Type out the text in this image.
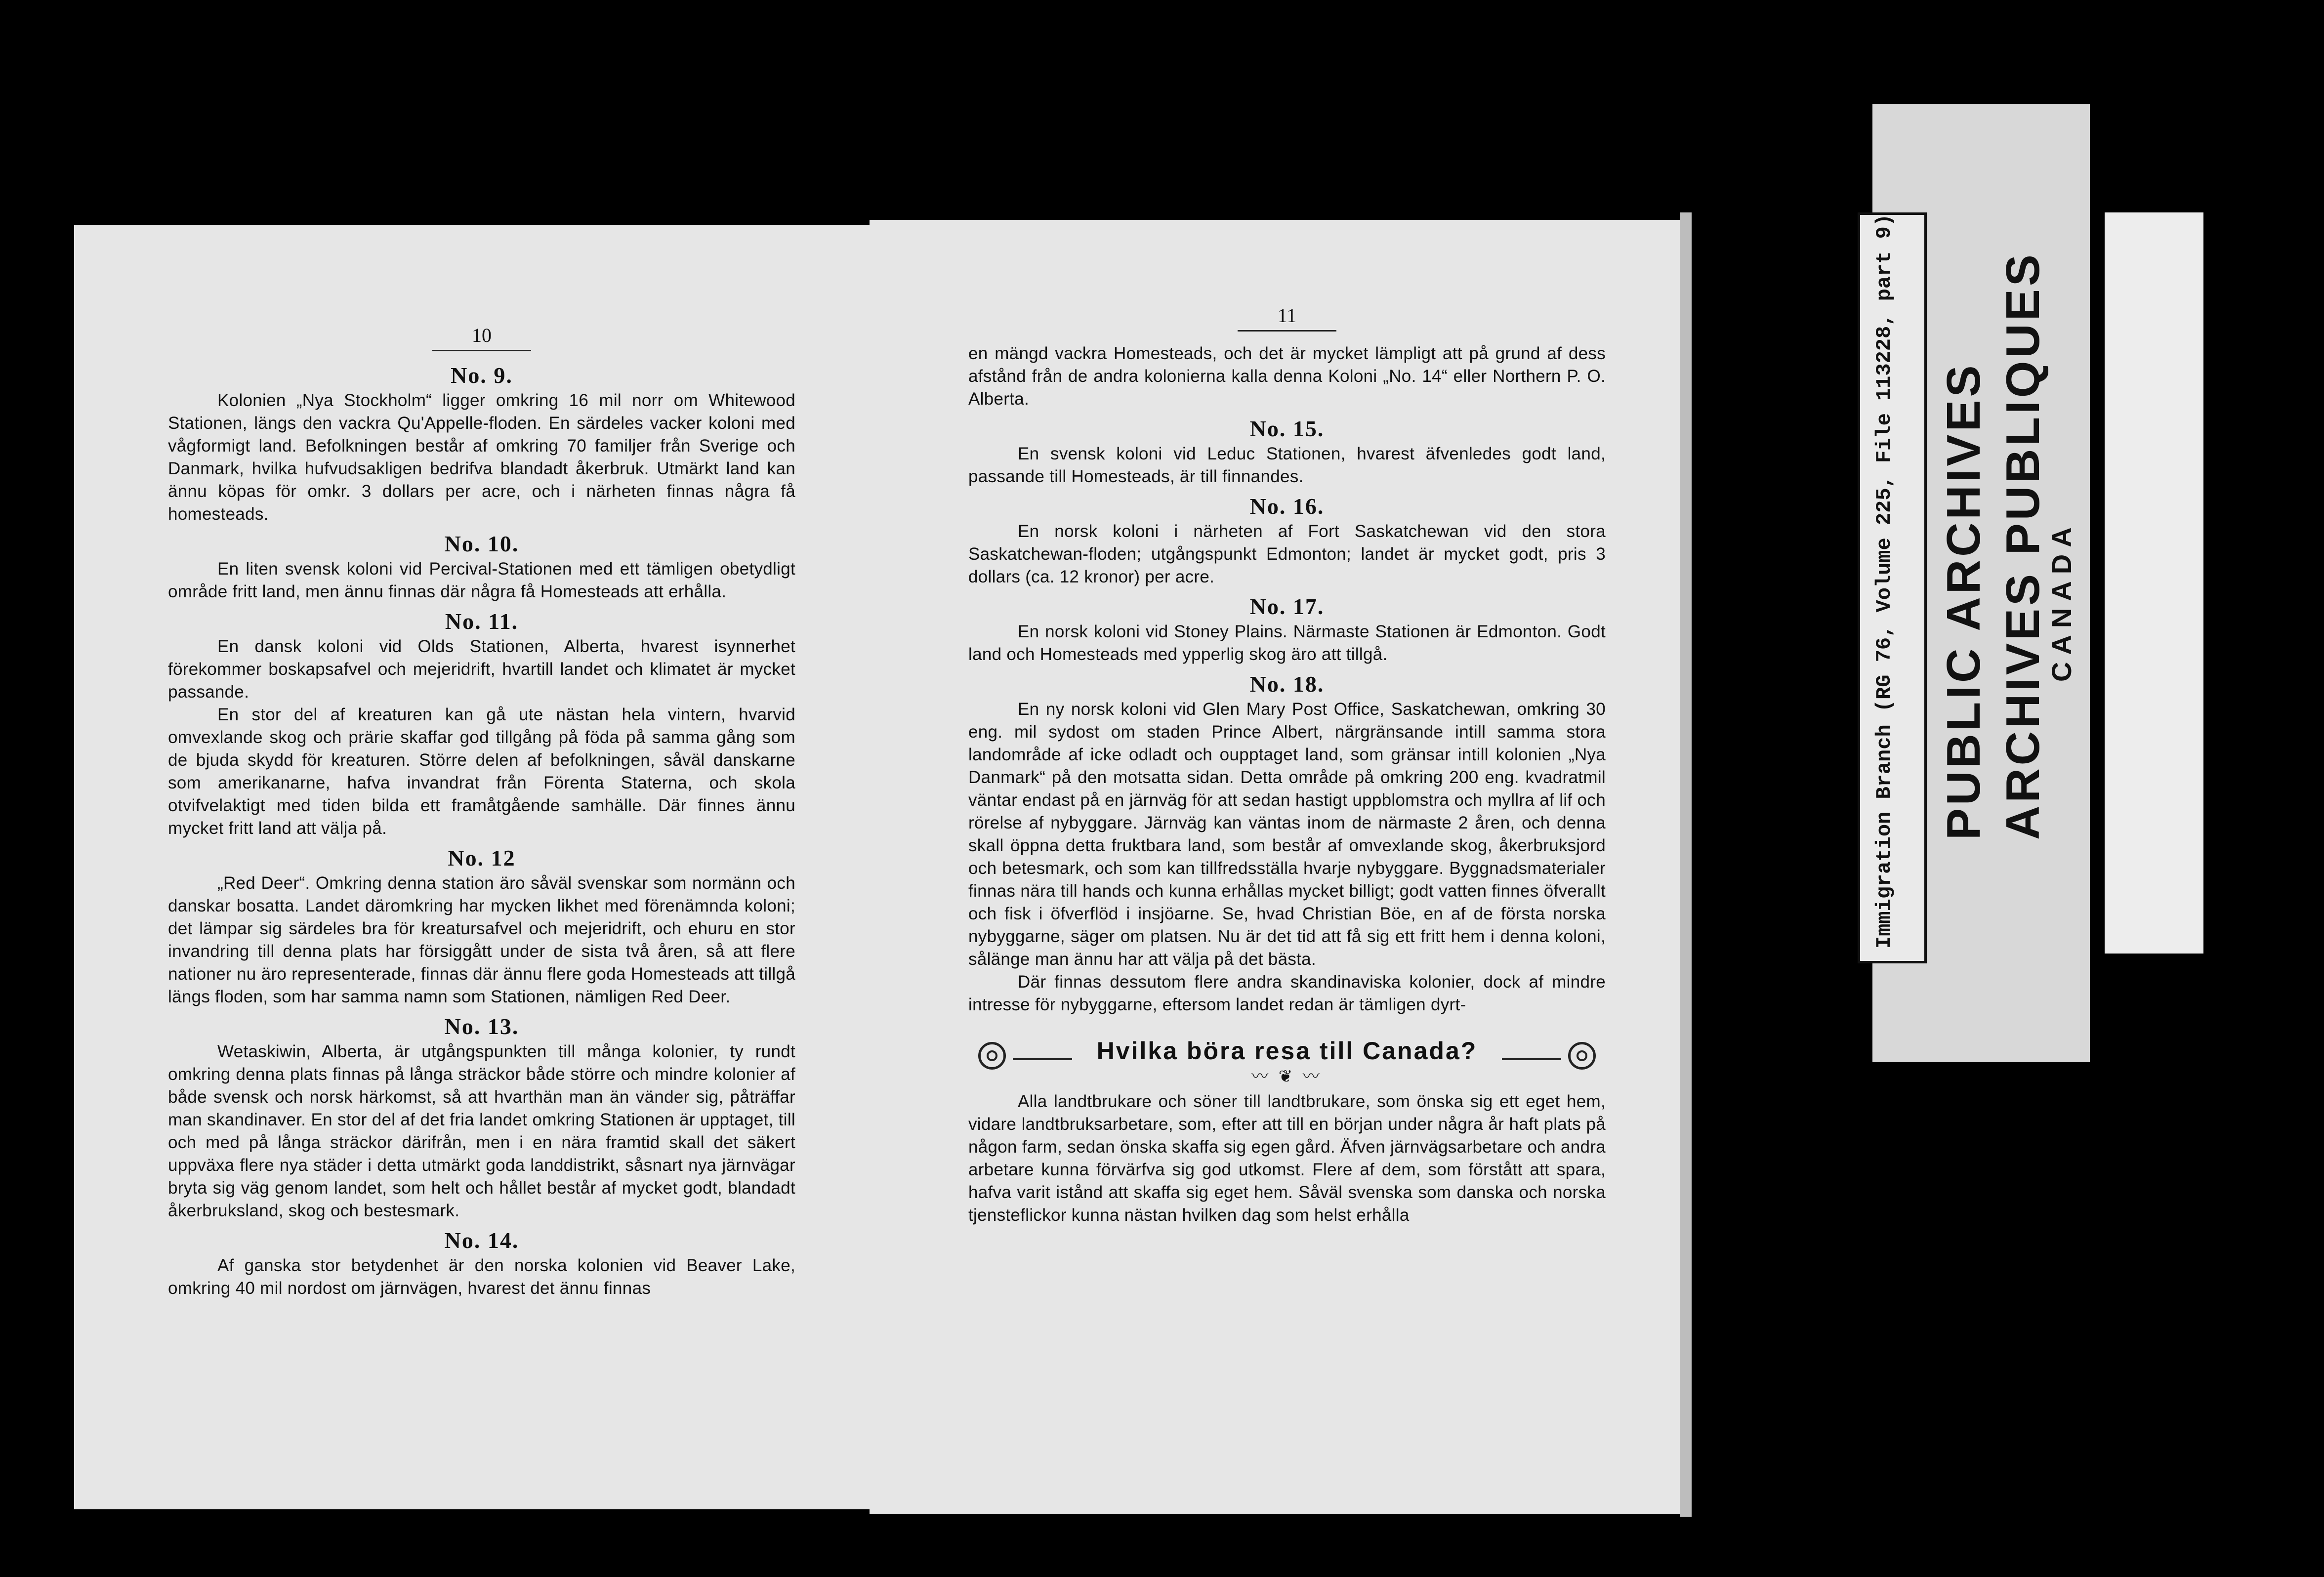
10
No. 9.

Kolonien „Nya Stockholm“ ligger omkring 16 mil norr om Whitewood Stationen, längs den vackra Qu'Appelle-floden. En särdeles vacker koloni med vågformigt land. Befolkningen består af omkring 70 familjer från Sverige och Danmark, hvilka hufvudsakligen bedrifva blandadt åkerbruk. Utmärkt land kan ännu köpas för omkr. 3 dollars per acre, och i närheten finnas några få homesteads.

No. 10.

En liten svensk koloni vid Percival-Stationen med ett tämligen obetydligt område fritt land, men ännu finnas där några få Homesteads att erhålla.

No. 11.

En dansk koloni vid Olds Stationen, Alberta, hvarest isynnerhet förekommer boskapsafvel och mejeridrift, hvartill landet och klimatet är mycket passande.

En stor del af kreaturen kan gå ute nästan hela vintern, hvarvid omvexlande skog och prärie skaffar god tillgång på föda på samma gång som de bjuda skydd för kreaturen. Större delen af befolkningen, såväl danskarne som amerikanarne, hafva invandrat från Förenta Staterna, och skola otvifvelaktigt med tiden bilda ett framåtgående samhälle. Där finnes ännu mycket fritt land att välja på.

No. 12

„Red Deer“. Omkring denna station äro såväl svenskar som normänn och danskar bosatta. Landet däromkring har mycken likhet med förenämnda koloni; det lämpar sig särdeles bra för kreatursafvel och mejeridrift, och ehuru en stor invandring till denna plats har försiggått under de sista två åren, så att flere nationer nu äro representerade, finnas där ännu flere goda Homesteads att tillgå längs floden, som har samma namn som Stationen, nämligen Red Deer.

No. 13.

Wetaskiwin, Alberta, är utgångspunkten till många kolonier, ty rundt omkring denna plats finnas på långa sträckor både större och mindre kolonier af både svensk och norsk härkomst, så att hvarthän man än vänder sig, påträffar man skandinaver. En stor del af det fria landet omkring Stationen är upptaget, till och med på långa sträckor därifrån, men i en nära framtid skall det säkert uppväxa flere nya städer i detta utmärkt goda landdistrikt, såsnart nya järnvägar bryta sig väg genom landet, som helt och hållet består af mycket godt, blandadt åkerbruksland, skog och bestesmark.

No. 14.

Af ganska stor betydenhet är den norska kolonien vid Beaver Lake, omkring 40 mil nordost om järnvägen, hvarest det ännu finnas

11

en mängd vackra Homesteads, och det är mycket lämpligt att på grund af dess afstånd från de andra kolonierna kalla denna Koloni „No. 14“ eller Northern P. O. Alberta.

No. 15.

En svensk koloni vid Leduc Stationen, hvarest äfvenledes godt land, passande till Homesteads, är till finnandes.

No. 16.

En norsk koloni i närheten af Fort Saskatchewan vid den stora Saskatchewan-floden; utgångspunkt Edmonton; landet är mycket godt, pris 3 dollars (ca. 12 kronor) per acre.

No. 17.

En norsk koloni vid Stoney Plains. Närmaste Stationen är Edmonton. Godt land och Homesteads med ypperlig skog äro att tillgå.

No. 18.

En ny norsk koloni vid Glen Mary Post Office, Saskatchewan, omkring 30 eng. mil sydost om staden Prince Albert, närgränsande intill samma stora landområde af icke odladt och oupptaget land, som gränsar intill kolonien „Nya Danmark“ på den motsatta sidan. Detta område på omkring 200 eng. kvadratmil väntar endast på en järnväg för att sedan hastigt uppblomstra och myllra af lif och rörelse af nybyggare. Järnväg kan väntas inom de närmaste 2 åren, och denna skall öppna detta fruktbara land, som består af omvexlande skog, åkerbruksjord och betesmark, och som kan tillfredsställa hvarje nybyggare. Byggnadsmaterialer finnas nära till hands och kunna erhållas mycket billigt; godt vatten finnes öfverallt och fisk i öfverflöd i insjöarne. Se, hvad Christian Böe, en af de första norska nybyggarne, säger om platsen. Nu är det tid att få sig ett fritt hem i denna koloni, sålänge man ännu har att välja på det bästa.

Där finnas dessutom flere andra skandinaviska kolonier, dock af mindre intresse för nybyggarne, eftersom landet redan är tämligen dyrt-

Hvilka böra resa till Canada?
〰 ❦ 〰

Alla landtbrukare och söner till landtbrukare, som önska sig ett eget hem, vidare landtbruksarbetare, som, efter att till en början under några år haft plats på någon farm, sedan önska skaffa sig egen gård. Äfven järnvägsarbetare och andra arbetare kunna förvärfva sig god utkomst. Flere af dem, som förstått att spara, hafva varit istånd att skaffa sig eget hem. Såväl svenska som danska och norska tjensteflickor kunna nästan hvilken dag som helst erhålla

Immigration Branch (RG 76, Volume 225, File 113228, part 9) PUBLIC ARCHIVES ARCHIVES PUBLIQUES
CANADA
